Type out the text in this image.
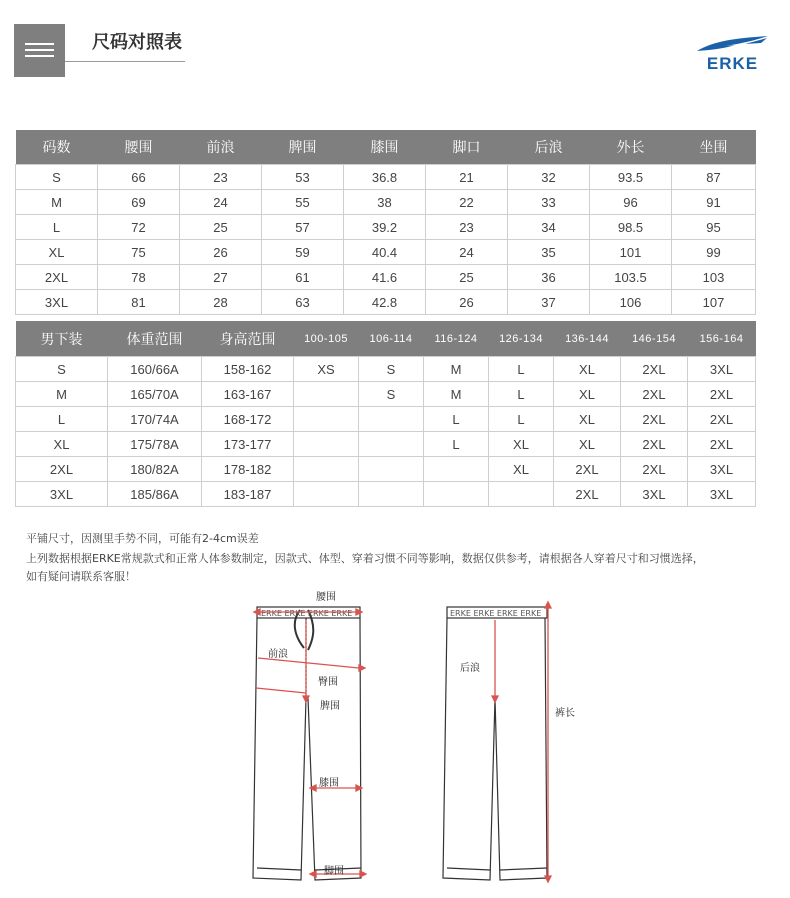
尺码对照表
ERKE
码数	腰围	前浪	脾围	膝围	脚口	后浪	外长	坐围
S	66	23	53	36.8	21	32	93.5	87
M	69	24	55	38	22	33	96	91
L	72	25	57	39.2	23	34	98.5	95
XL	75	26	59	40.4	24	35	101	99
2XL	78	27	61	41.6	25	36	103.5	103
3XL	81	28	63	42.8	26	37	106	107
男下装	体重范围	身高范围	100-105	106-114	116-124	126-134	136-144	146-154	156-164
S	160/66A	158-162	XS	S	M	L	XL	2XL	3XL
M	165/70A	163-167		S	M	L	XL	2XL	2XL
L	170/74A	168-172			L	L	XL	2XL	2XL
XL	175/78A	173-177			L	XL	XL	2XL	2XL
2XL	180/82A	178-182				XL	2XL	2XL	3XL
3XL	185/86A	183-187					2XL	3XL	3XL
平铺尺寸，因测里手势不同，可能有2-4cm误差
上列数据根据ERKE常规款式和正常人体参数制定，因款式、体型、穿着习惯不同等影响，数据仅供参考，请根据各人穿着尺寸和习惯选择，
如有疑问请联系客服！
ERKE ERKE ERKE ERKE	ERKE ERKE ERKE ERKE
腰围
前浪
臀围
脾围
膝围
脚围
后浪
裤长
